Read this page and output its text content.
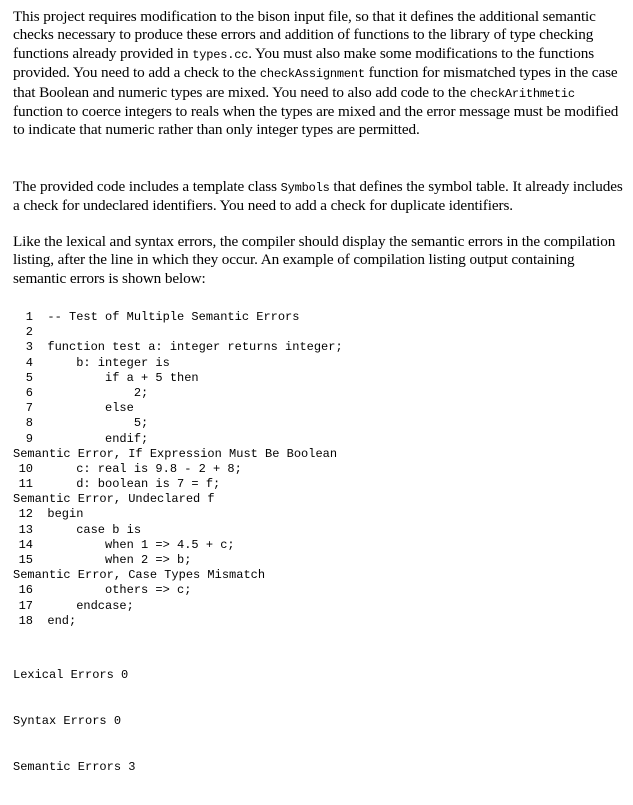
This project requires modification to the bison input file, so that it defines the additional semantic checks necessary to produce these errors and addition of functions to the library of type checking functions already provided in types.cc. You must also make some modifications to the functions provided. You need to add a check to the checkAssignment function for mismatched types in the case that Boolean and numeric types are mixed. You need to also add code to the checkArithmetic function to coerce integers to reals when the types are mixed and the error message must be modified to indicate that numeric rather than only integer types are permitted.

The provided code includes a template class Symbols that defines the symbol table. It already includes a check for undeclared identifiers. You need to add a check for duplicate identifiers.

Like the lexical and syntax errors, the compiler should display the semantic errors in the compilation listing, after the line in which they occur. An example of compilation listing output containing semantic errors is shown below:

1  -- Test of Multiple Semantic Errors
2
3  function test a: integer returns integer;
4      b: integer is
5          if a + 5 then
6              2;
7          else
8              5;
9          endif;
Semantic Error, If Expression Must Be Boolean
10      c: real is 9.8 - 2 + 8;
11      d: boolean is 7 = f;
Semantic Error, Undeclared f
12  begin
13      case b is
14          when 1 => 4.5 + c;
15          when 2 => b;
Semantic Error, Case Types Mismatch
16          others => c;
17      endcase;
18  end;

Lexical Errors 0

Syntax Errors 0

Semantic Errors 3
